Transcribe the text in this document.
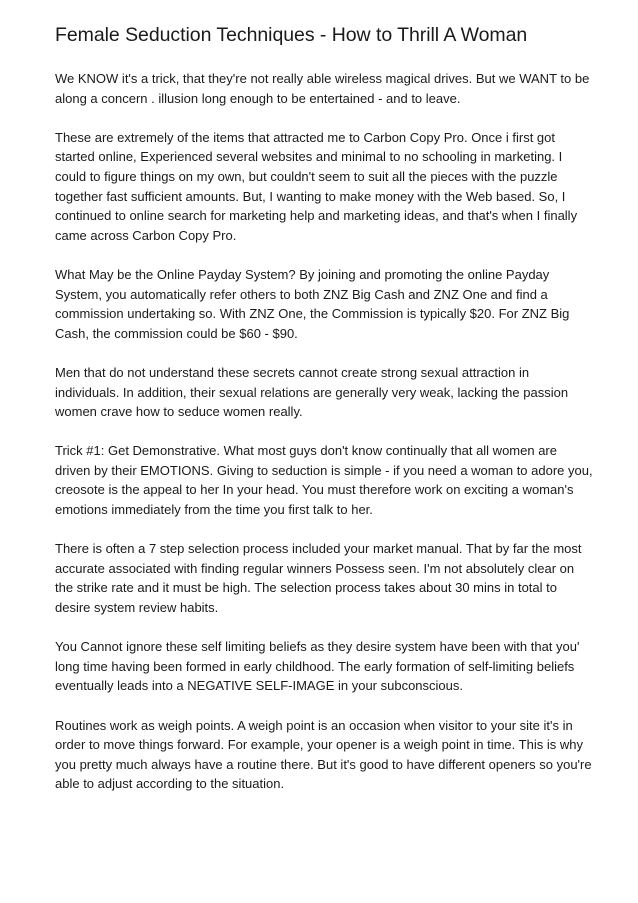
Female Seduction Techniques - How to Thrill A Woman

We KNOW it's a trick, that they're not really able wireless magical drives. But we WANT to be along a concern . illusion long enough to be entertained - and to leave.

These are extremely of the items that attracted me to Carbon Copy Pro. Once i first got started online, Experienced several websites and minimal to no schooling in marketing. I could to figure things on my own, but couldn't seem to suit all the pieces with the puzzle together fast sufficient amounts. But, I wanting to make money with the Web based. So, I continued to online search for marketing help and marketing ideas, and that's when I finally came across Carbon Copy Pro.

What May be the Online Payday System? By joining and promoting the online Payday System, you automatically refer others to both ZNZ Big Cash and ZNZ One and find a commission undertaking so. With ZNZ One, the Commission is typically $20. For ZNZ Big Cash, the commission could be $60 - $90.

Men that do not understand these secrets cannot create strong sexual attraction in individuals. In addition, their sexual relations are generally very weak, lacking the passion women crave how to seduce women really.

Trick #1: Get Demonstrative. What most guys don't know continually that all women are driven by their EMOTIONS. Giving to seduction is simple - if you need a woman to adore you, creosote is the appeal to her In your head. You must therefore work on exciting a woman's emotions immediately from the time you first talk to her.

There is often a 7 step selection process included your market manual. That by far the most accurate associated with finding regular winners Possess seen. I'm not absolutely clear on the strike rate and it must be high. The selection process takes about 30 mins in total to desire system review habits.

You Cannot ignore these self limiting beliefs as they desire system have been with that you' long time having been formed in early childhood. The early formation of self-limiting beliefs eventually leads into a NEGATIVE SELF-IMAGE in your subconscious.

Routines work as weigh points. A weigh point is an occasion when visitor to your site it's in order to move things forward. For example, your opener is a weigh point in time. This is why you pretty much always have a routine there. But it's good to have different openers so you're able to adjust according to the situation.
